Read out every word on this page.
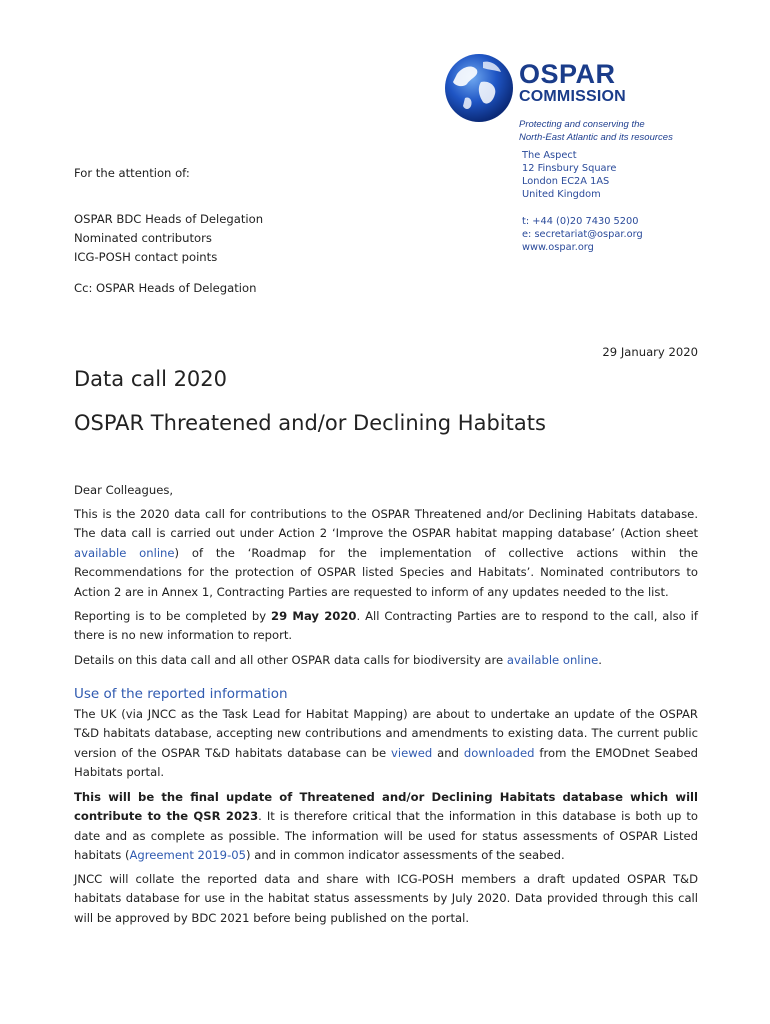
OSPAR
COMMISSION
Protecting and conserving the
North-East Atlantic and its resources
The Aspect
12 Finsbury Square
London EC2A 1AS
United Kingdom
t: +44 (0)20 7430 5200
e: secretariat@ospar.org
www.ospar.org
For the attention of:
OSPAR BDC Heads of Delegation
Nominated contributors
ICG-POSH contact points
Cc: OSPAR Heads of Delegation
29 January 2020
Data call 2020
OSPAR Threatened and/or Declining Habitats

Dear Colleagues,

This is the 2020 data call for contributions to the OSPAR Threatened and/or Declining Habitats database. The data call is carried out under Action 2 ‘Improve the OSPAR habitat mapping database’ (Action sheet available online) of the ‘Roadmap for the implementation of collective actions within the Recommendations for the protection of OSPAR listed Species and Habitats’. Nominated contributors to Action 2 are in Annex 1, Contracting Parties are requested to inform of any updates needed to the list.

Reporting is to be completed by 29 May 2020. All Contracting Parties are to respond to the call, also if there is no new information to report.

Details on this data call and all other OSPAR data calls for biodiversity are available online.

Use of the reported information

The UK (via JNCC as the Task Lead for Habitat Mapping) are about to undertake an update of the OSPAR T&D habitats database, accepting new contributions and amendments to existing data. The current public version of the OSPAR T&D habitats database can be viewed and downloaded from the EMODnet Seabed Habitats portal.

This will be the final update of Threatened and/or Declining Habitats database which will contribute to the QSR 2023. It is therefore critical that the information in this database is both up to date and as complete as possible. The information will be used for status assessments of OSPAR Listed habitats (Agreement 2019-05) and in common indicator assessments of the seabed.

JNCC will collate the reported data and share with ICG-POSH members a draft updated OSPAR T&D habitats database for use in the habitat status assessments by July 2020. Data provided through this call will be approved by BDC 2021 before being published on the portal.
